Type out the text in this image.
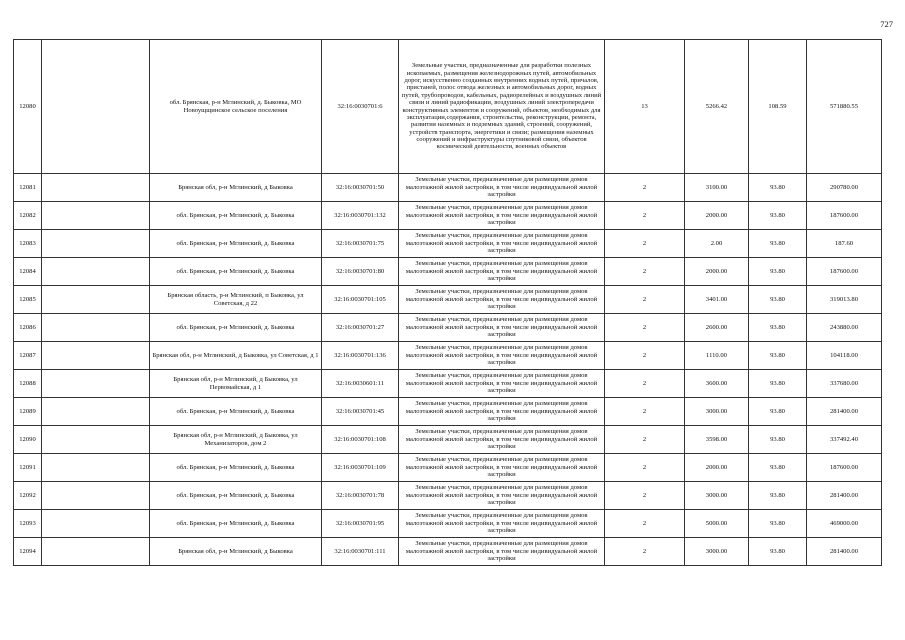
727
12080		обл. Брянская, р-н Мглинский, д. Быковка, МО Новоущщинское сельское поселения	32:16:0030701:6	Земельные участки, предназначенные для разработки полезных ископаемых, размещения железнодорожных путей, автомобильных дорог, искусственно созданных внутренних водных путей, причалов, пристаней, полос отвода железных и автомобильных дорог, водных путей, трубопроводов, кабельных, радиорелейных и воздушных линий связи и линий радиофикации, воздушных линий электропередачи конструктивных элементов и сооружений, объектов, необходимых для эксплуатации,содержания, строительства, реконструкции, ремонта, развития наземных и подземных зданий, строений, сооружений, устройств транспорта, энергетики и связи; размещения наземных сооружений и инфраструктуры спутниковой связи, объектов космической деятельности, военных объектов	13	5266.42	108.59	571880.55
12081		Брянская обл, р-н Мглинский, д Быковка	32:16:0030701:50	Земельные участки, предназначенные для размещения домов малоэтажной жилой застройки, в том числе индивидуальной жилой застройки	2	3100.00	93.80	290780.00
12082		обл. Брянская, р-н Мглинский, д. Быковка	32:16:0030701:132	Земельные участки, предназначенные для размещения домов малоэтажной жилой застройки, в том числе индивидуальной жилой застройки	2	2000.00	93.80	187600.00
12083		обл. Брянская, р-н Мглинский, д. Быковка	32:16:0030701:75	Земельные участки, предназначенные для размещения домов малоэтажной жилой застройки, в том числе индивидуальной жилой застройки	2	2.00	93.80	187.60
12084		обл. Брянская, р-н Мглинский, д. Быковка	32:16:0030701:80	Земельные участки, предназначенные для размещения домов малоэтажной жилой застройки, в том числе индивидуальной жилой застройки	2	2000.00	93.80	187600.00
12085		Брянская область, р-н Мглинский, п Быковка, ул Советская, д 22	32:16:0030701:105	Земельные участки, предназначенные для размещения домов малоэтажной жилой застройки, в том числе индивидуальной жилой застройки	2	3401.00	93.80	319013.80
12086		обл. Брянская, р-н Мглинский, д. Быковка	32:16:0030701:27	Земельные участки, предназначенные для размещения домов малоэтажной жилой застройки, в том числе индивидуальной жилой застройки	2	2600.00	93.80	243880.00
12087		Брянская обл, р-н Мглинский, д Быковка, ул Советская, д 1	32:16:0030701:136	Земельные участки, предназначенные для размещения домов малоэтажной жилой застройки, в том числе индивидуальной жилой застройки	2	1110.00	93.80	104118.00
12088		Брянская обл, р-н Мглинский, д Быковка, ул Первомайская, д 1	32:16:0030601:11	Земельные участки, предназначенные для размещения домов малоэтажной жилой застройки, в том числе индивидуальной жилой застройки	2	3600.00	93.80	337680.00
12089		обл. Брянская, р-н Мглинский, д. Быковка	32:16:0030701:45	Земельные участки, предназначенные для размещения домов малоэтажной жилой застройки, в том числе индивидуальной жилой застройки	2	3000.00	93.80	281400.00
12090		Брянская обл, р-н Мглинский, д Быковка, ул Механизаторов, дом 2	32:16:0030701:108	Земельные участки, предназначенные для размещения домов малоэтажной жилой застройки, в том числе индивидуальной жилой застройки	2	3598.00	93.80	337492.40
12091		обл. Брянская, р-н Мглинский, д. Быковка	32:16:0030701:109	Земельные участки, предназначенные для размещения домов малоэтажной жилой застройки, в том числе индивидуальной жилой застройки	2	2000.00	93.80	187600.00
12092		обл. Брянская, р-н Мглинский, д. Быковка	32:16:0030701:78	Земельные участки, предназначенные для размещения домов малоэтажной жилой застройки, в том числе индивидуальной жилой застройки	2	3000.00	93.80	281400.00
12093		обл. Брянская, р-н Мглинский, д. Быковка	32:16:0030701:95	Земельные участки, предназначенные для размещения домов малоэтажной жилой застройки, в том числе индивидуальной жилой застройки	2	5000.00	93.80	469000.00
12094		Брянская обл, р-н Мглинский, д Быковка	32:16:0030701:111	Земельные участки, предназначенные для размещения домов малоэтажной жилой застройки, в том числе индивидуальной жилой застройки	2	3000.00	93.80	281400.00
